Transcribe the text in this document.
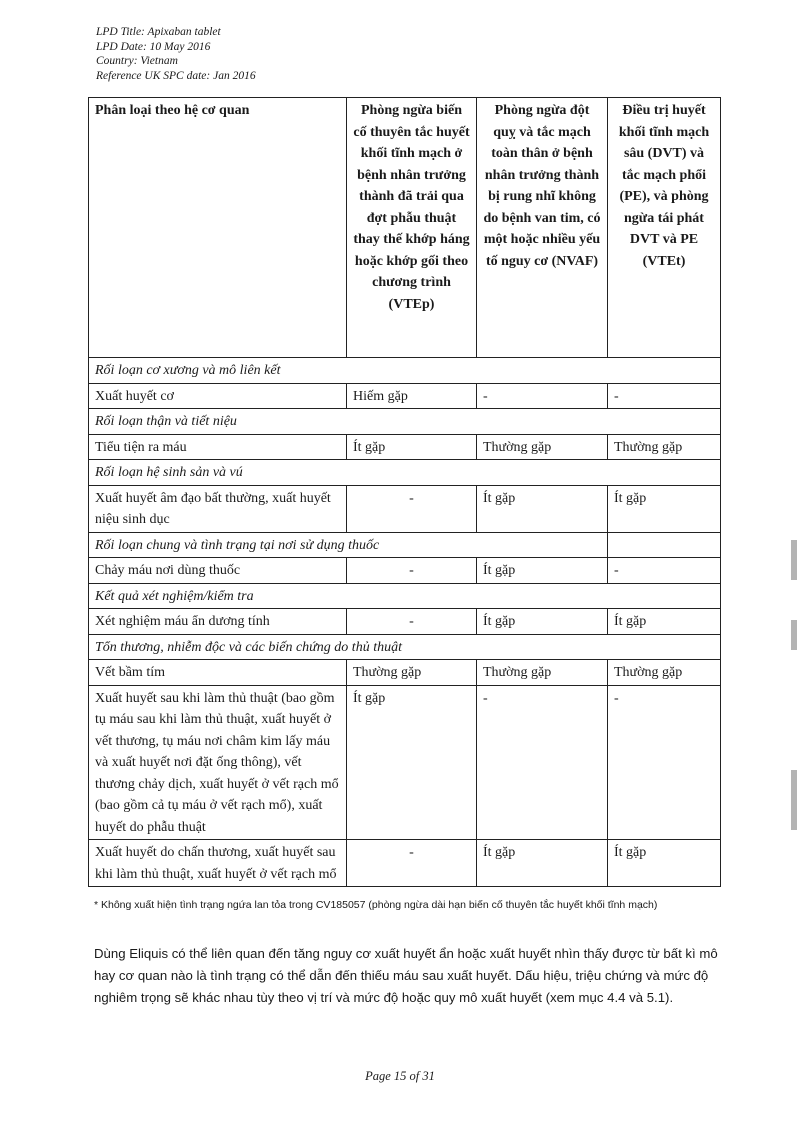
LPD Title: Apixaban tablet
LPD Date: 10 May 2016
Country: Vietnam
Reference UK SPC date: Jan 2016
Phân loại theo hệ cơ quan	Phòng ngừa biến cố thuyên tắc huyết khối tĩnh mạch ở bệnh nhân trưởng thành đã trải qua đợt phẫu thuật thay thế khớp háng hoặc khớp gối theo chương trình (VTEp)	Phòng ngừa đột quỵ và tắc mạch toàn thân ở bệnh nhân trưởng thành bị rung nhĩ không do bệnh van tim, có một hoặc nhiều yếu tố nguy cơ (NVAF)	Điều trị huyết khối tĩnh mạch sâu (DVT) và tắc mạch phổi (PE), và phòng ngừa tái phát DVT và PE (VTEt)
Rối loạn cơ xương và mô liên kết			
Xuất huyết cơ	Hiếm gặp	-	-
Rối loạn thận và tiết niệu			
Tiểu tiện ra máu	Ít gặp	Thường gặp	Thường gặp
Rối loạn hệ sinh sản và vú			
Xuất huyết âm đạo bất thường, xuất huyết niệu sinh dục	-	Ít gặp	Ít gặp
Rối loạn chung và tình trạng tại nơi sử dụng thuốc			
Chảy máu nơi dùng thuốc	-	Ít gặp	-
Kết quả xét nghiệm/kiểm tra			
Xét nghiệm máu ẩn dương tính	-	Ít gặp	Ít gặp
Tổn thương, nhiễm độc và các biến chứng do thủ thuật			
Vết bầm tím	Thường gặp	Thường gặp	Thường gặp
Xuất huyết sau khi làm thủ thuật (bao gồm tụ máu sau khi làm thủ thuật, xuất huyết ở vết thương, tụ máu nơi châm kim lấy máu và xuất huyết nơi đặt ống thông), vết thương chảy dịch, xuất huyết ở vết rạch mổ (bao gồm cả tụ máu ở vết rạch mổ), xuất huyết do phẫu thuật	Ít gặp	-	-
Xuất huyết do chấn thương, xuất huyết sau khi làm thủ thuật, xuất huyết ở vết rạch mổ	-	Ít gặp	Ít gặp
* Không xuất hiện tình trạng ngứa lan tỏa trong CV185057 (phòng ngừa dài hạn biến cố thuyên tắc huyết khối tĩnh mạch)
Dùng Eliquis có thể liên quan đến tăng nguy cơ xuất huyết ẩn hoặc xuất huyết nhìn thấy được từ bất kì mô hay cơ quan nào là tình trạng có thể dẫn đến thiếu máu sau xuất huyết. Dấu hiệu, triệu chứng và mức độ nghiêm trọng sẽ khác nhau tùy theo vị trí và mức độ hoặc quy mô xuất huyết (xem mục 4.4 và 5.1).
Page 15 of 31
